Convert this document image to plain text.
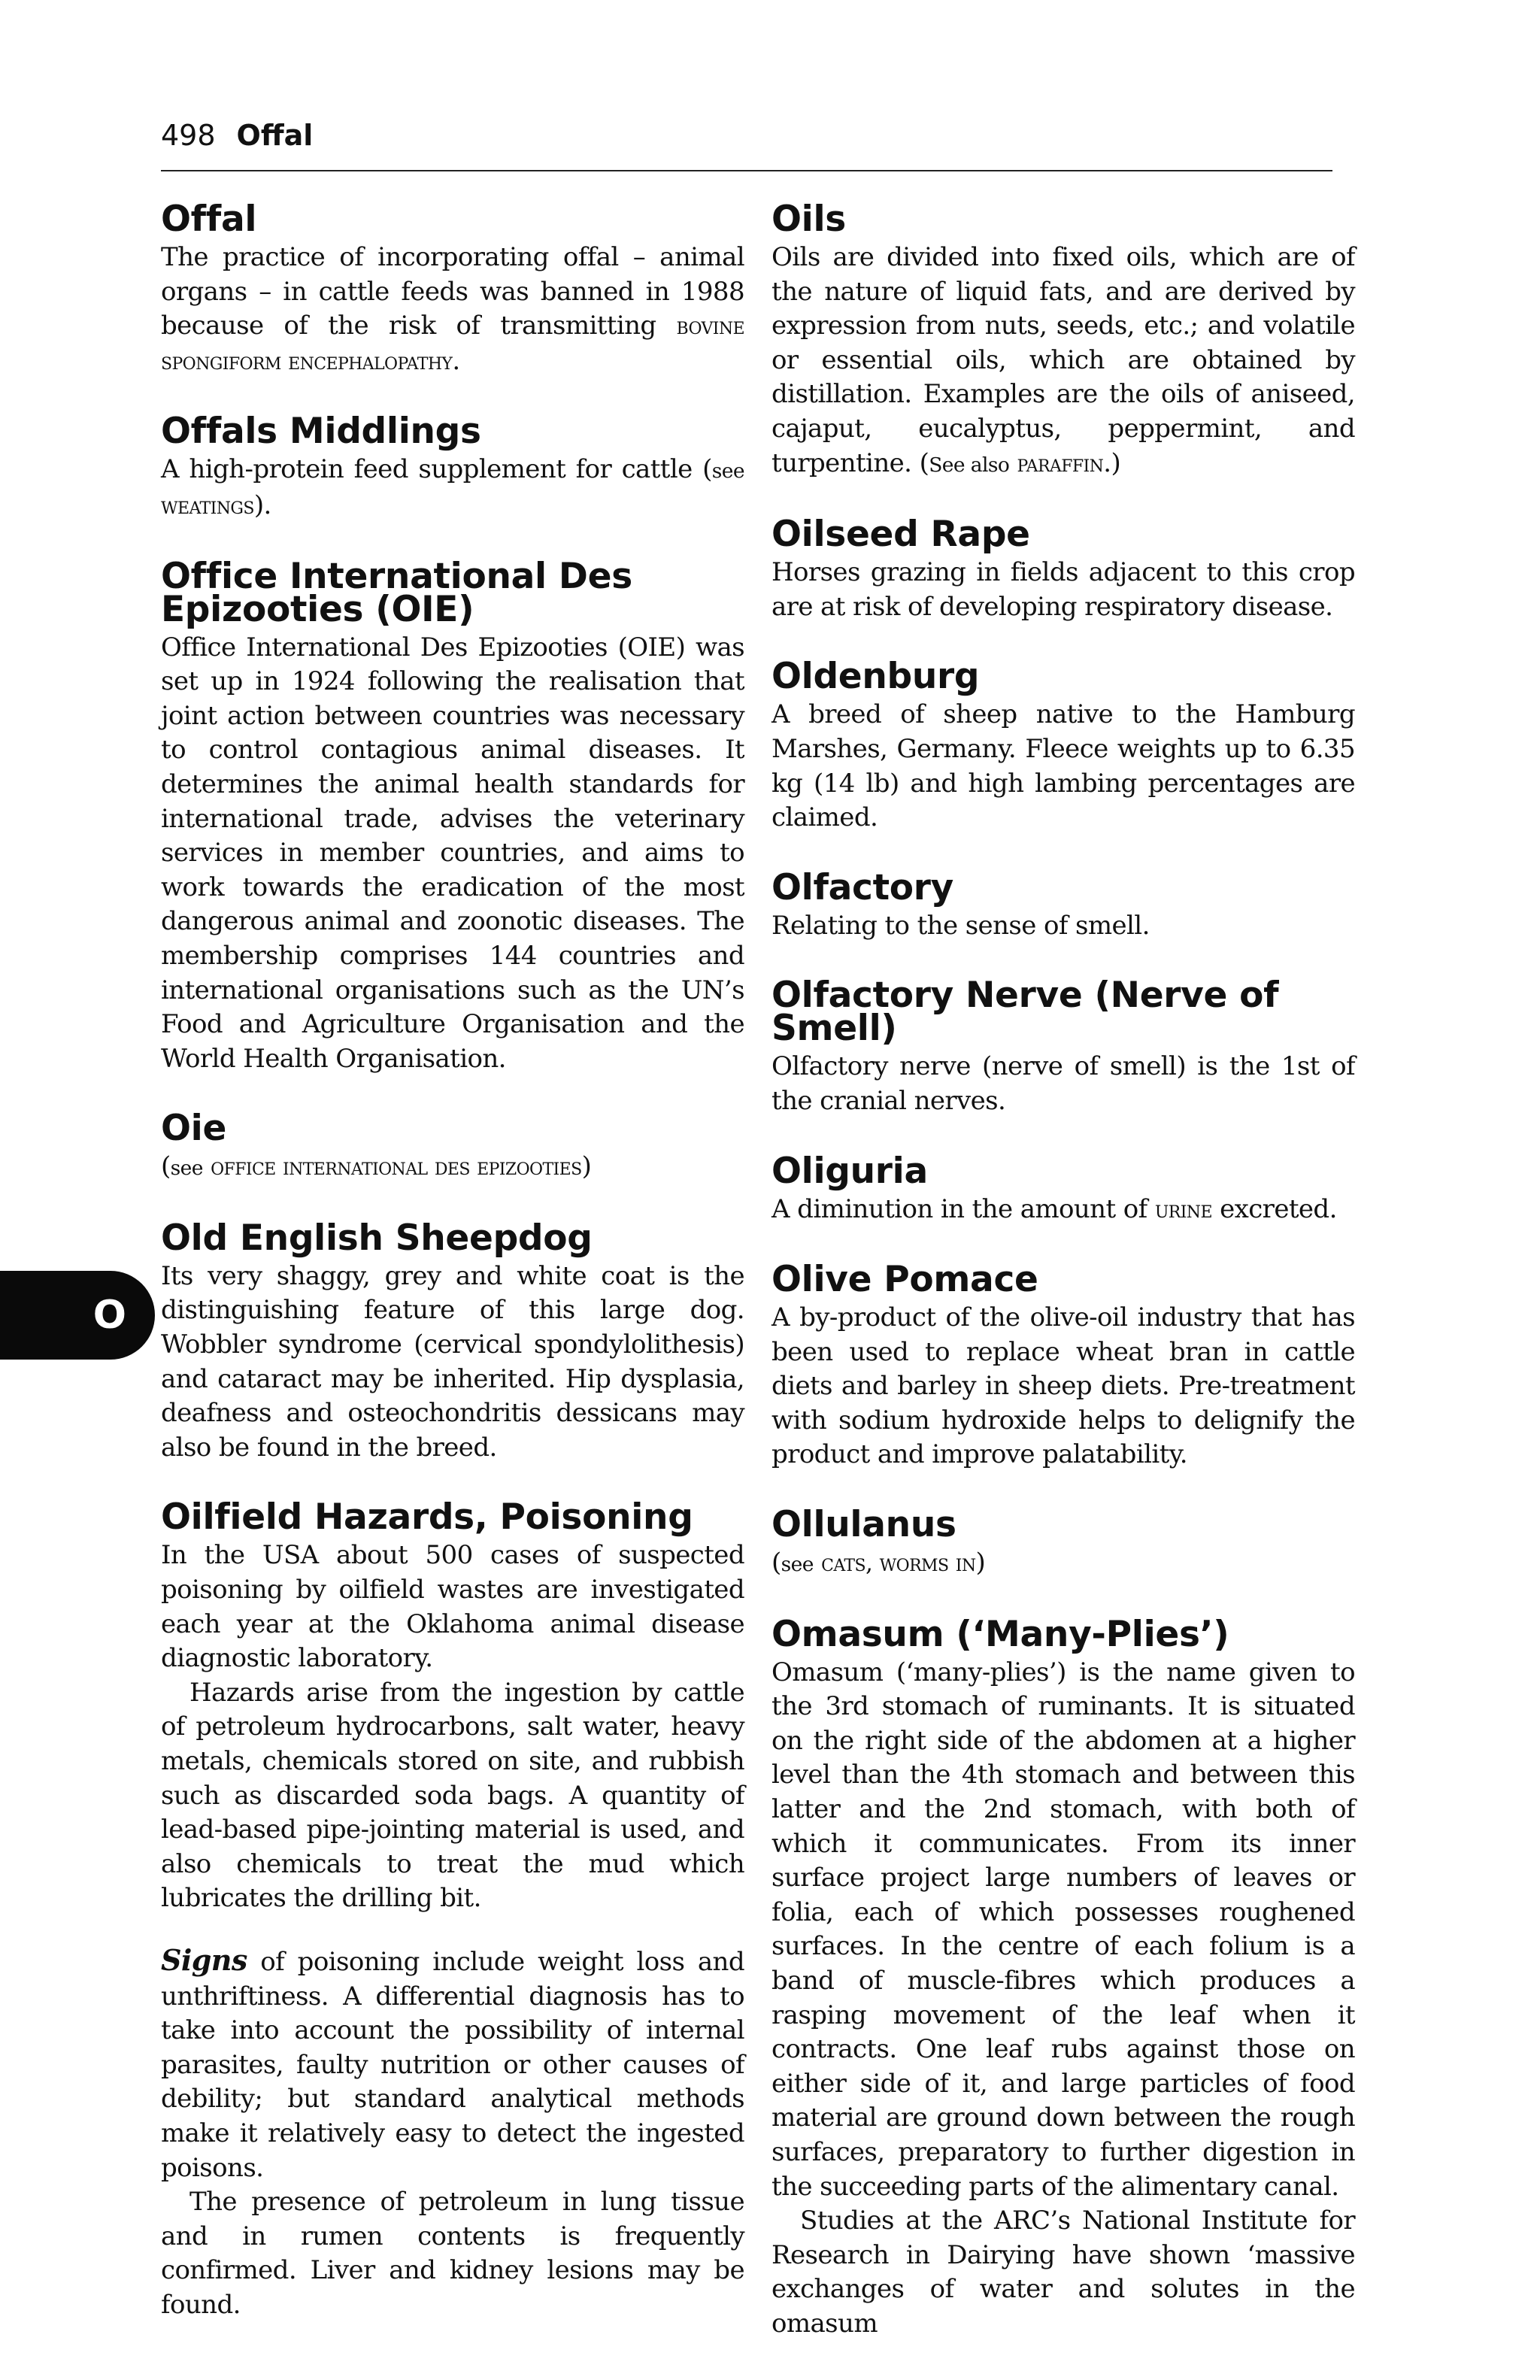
498 Offal
O
Offal

The practice of incorporating offal – animal organs – in cattle feeds was banned in 1988 because of the risk of transmitting bovine spongiform encephalopathy.

Offals Middlings

A high-protein feed supplement for cattle (see weatings).

Office International Des Epizooties (OIE)

Office International Des Epizooties (OIE) was set up in 1924 following the realisation that joint action between countries was necessary to control contagious animal diseases. It determines the animal health standards for international trade, advises the veterinary services in member countries, and aims to work towards the eradication of the most dangerous animal and zoonotic diseases. The membership comprises 144 countries and international organisations such as the UN’s Food and Agriculture Organisation and the World Health Organisation.

Oie

(see office international des epizooties)

Old English Sheepdog

Its very shaggy, grey and white coat is the distinguishing feature of this large dog. Wobbler syndrome (cervical spondylolithesis) and cataract may be inherited. Hip dysplasia, deafness and osteochondritis dessicans may also be found in the breed.

Oilfield Hazards, Poisoning

In the USA about 500 cases of suspected poisoning by oilfield wastes are investigated each year at the Oklahoma animal disease diagnostic laboratory.

Hazards arise from the ingestion by cattle of petroleum hydrocarbons, salt water, heavy metals, chemicals stored on site, and rubbish such as discarded soda bags. A quantity of lead-based pipe-jointing material is used, and also chemicals to treat the mud which lubricates the drilling bit.

Signs of poisoning include weight loss and unthriftiness. A differential diagnosis has to take into account the possibility of internal parasites, faulty nutrition or other causes of debility; but standard analytical methods make it relatively easy to detect the ingested poisons.

The presence of petroleum in lung tissue and in rumen contents is frequently confirmed. Liver and kidney lesions may be found.

Oils

Oils are divided into fixed oils, which are of the nature of liquid fats, and are derived by expression from nuts, seeds, etc.; and volatile or essential oils, which are obtained by distillation. Examples are the oils of aniseed, cajaput, eucalyptus, peppermint, and turpentine. (See also paraffin.)

Oilseed Rape

Horses grazing in fields adjacent to this crop are at risk of developing respiratory disease.

Oldenburg

A breed of sheep native to the Hamburg Marshes, Germany. Fleece weights up to 6.35 kg (14 lb) and high lambing percentages are claimed.

Olfactory

Relating to the sense of smell.

Olfactory Nerve (Nerve of Smell)

Olfactory nerve (nerve of smell) is the 1st of the cranial nerves.

Oliguria

A diminution in the amount of urine excreted.

Olive Pomace

A by-product of the olive-oil industry that has been used to replace wheat bran in cattle diets and barley in sheep diets. Pre-treatment with sodium hydroxide helps to delignify the product and improve palatability.

Ollulanus

(see cats, worms in)

Omasum (‘Many-Plies’)

Omasum (‘many-plies’) is the name given to the 3rd stomach of ruminants. It is situated on the right side of the abdomen at a higher level than the 4th stomach and between this latter and the 2nd stomach, with both of which it communicates. From its inner surface project large numbers of leaves or folia, each of which possesses roughened surfaces. In the centre of each folium is a band of muscle-fibres which produces a rasping movement of the leaf when it contracts. One leaf rubs against those on either side of it, and large particles of food material are ground down between the rough surfaces, preparatory to further digestion in the succeeding parts of the alimentary canal.

Studies at the ARC’s National Institute for Research in Dairying have shown ‘massive exchanges of water and solutes in the omasum
